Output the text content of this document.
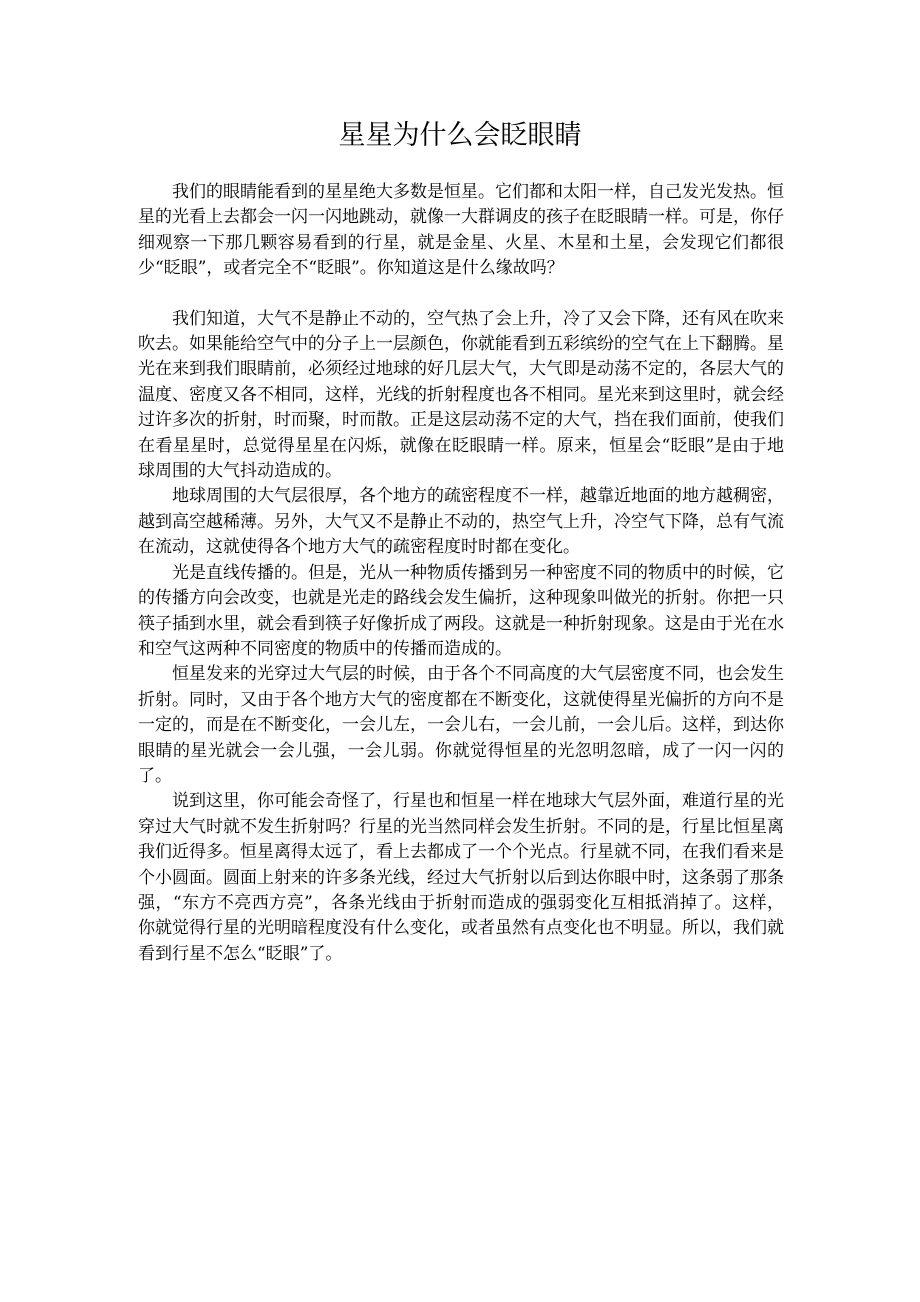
星星为什么会眨眼睛

我们的眼睛能看到的星星绝大多数是恒星。它们都和太阳一样，自己发光发热。恒星的光看上去都会一闪一闪地跳动，就像一大群调皮的孩子在眨眼睛一样。可是，你仔细观察一下那几颗容易看到的行星，就是金星、火星、木星和土星，会发现它们都很少“眨眼”，或者完全不“眨眼”。你知道这是什么缘故吗？

我们知道，大气不是静止不动的，空气热了会上升，冷了又会下降，还有风在吹来吹去。如果能给空气中的分子上一层颜色，你就能看到五彩缤纷的空气在上下翻腾。星光在来到我们眼睛前，必须经过地球的好几层大气，大气即是动荡不定的，各层大气的温度、密度又各不相同，这样，光线的折射程度也各不相同。星光来到这里时，就会经过许多次的折射，时而聚，时而散。正是这层动荡不定的大气，挡在我们面前，使我们在看星星时，总觉得星星在闪烁，就像在眨眼睛一样。原来，恒星会“眨眼”是由于地球周围的大气抖动造成的。

地球周围的大气层很厚，各个地方的疏密程度不一样，越靠近地面的地方越稠密，越到高空越稀薄。另外，大气又不是静止不动的，热空气上升，冷空气下降，总有气流在流动，这就使得各个地方大气的疏密程度时时都在变化。

光是直线传播的。但是，光从一种物质传播到另一种密度不同的物质中的时候，它的传播方向会改变，也就是光走的路线会发生偏折，这种现象叫做光的折射。你把一只筷子插到水里，就会看到筷子好像折成了两段。这就是一种折射现象。这是由于光在水和空气这两种不同密度的物质中的传播而造成的。

恒星发来的光穿过大气层的时候，由于各个不同高度的大气层密度不同，也会发生折射。同时，又由于各个地方大气的密度都在不断变化，这就使得星光偏折的方向不是一定的，而是在不断变化，一会儿左，一会儿右，一会儿前，一会儿后。这样，到达你眼睛的星光就会一会儿强，一会儿弱。你就觉得恒星的光忽明忽暗，成了一闪一闪的了。

说到这里，你可能会奇怪了，行星也和恒星一样在地球大气层外面，难道行星的光穿过大气时就不发生折射吗？行星的光当然同样会发生折射。不同的是，行星比恒星离我们近得多。恒星离得太远了，看上去都成了一个个光点。行星就不同，在我们看来是个小圆面。圆面上射来的许多条光线，经过大气折射以后到达你眼中时，这条弱了那条强，“东方不亮西方亮”，各条光线由于折射而造成的强弱变化互相抵消掉了。这样，你就觉得行星的光明暗程度没有什么变化，或者虽然有点变化也不明显。所以，我们就看到行星不怎么“眨眼”了。
